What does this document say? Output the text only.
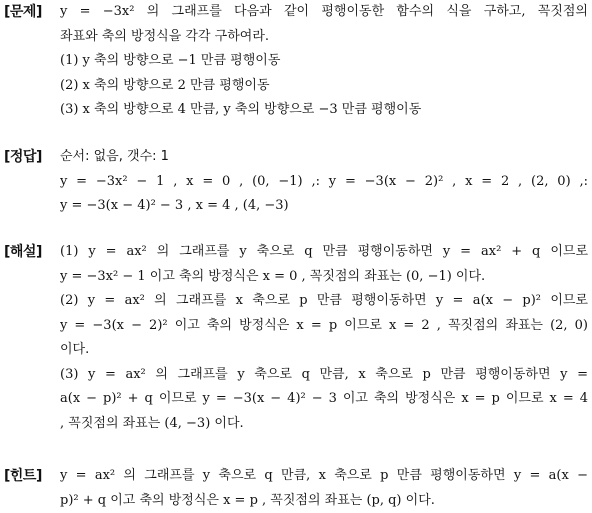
[문제] y = −3x² 의 그래프를 다음과 같이 평행이동한 함수의 식을 구하고, 꼭짓점의
좌표와 축의 방정식을 각각 구하여라.
(1) y 축의 방향으로 −1 만큼 평행이동
(2) x 축의 방향으로 2 만큼 평행이동
(3) x 축의 방향으로 4 만큼, y 축의 방향으로 −3 만큼 평행이동
[정답] 순서: 없음, 갯수: 1
y = −3x² − 1 , x = 0 , (0, −1) ,: y = −3(x − 2)² , x = 2 , (2, 0) ,:
y = −3(x − 4)² − 3 , x = 4 , (4, −3)
[해설] (1) y = ax² 의 그래프를 y 축으로 q 만큼 평행이동하면 y = ax² + q 이므로
y = −3x² − 1 이고 축의 방정식은 x = 0 , 꼭짓점의 좌표는 (0, −1) 이다.
(2) y = ax² 의 그래프를 x 축으로 p 만큼 평행이동하면 y = a(x − p)² 이므로
y = −3(x − 2)² 이고 축의 방정식은 x = p 이므로 x = 2 , 꼭짓점의 좌표는 (2, 0)
이다.
(3) y = ax² 의 그래프를 y 축으로 q 만큼, x 축으로 p 만큼 평행이동하면 y =
a(x − p)² + q 이므로 y = −3(x − 4)² − 3 이고 축의 방정식은 x = p 이므로 x = 4
, 꼭짓점의 좌표는 (4, −3) 이다.
[힌트] y = ax² 의 그래프를 y 축으로 q 만큼, x 축으로 p 만큼 평행이동하면 y = a(x −
p)² + q 이고 축의 방정식은 x = p , 꼭짓점의 좌표는 (p, q) 이다.
